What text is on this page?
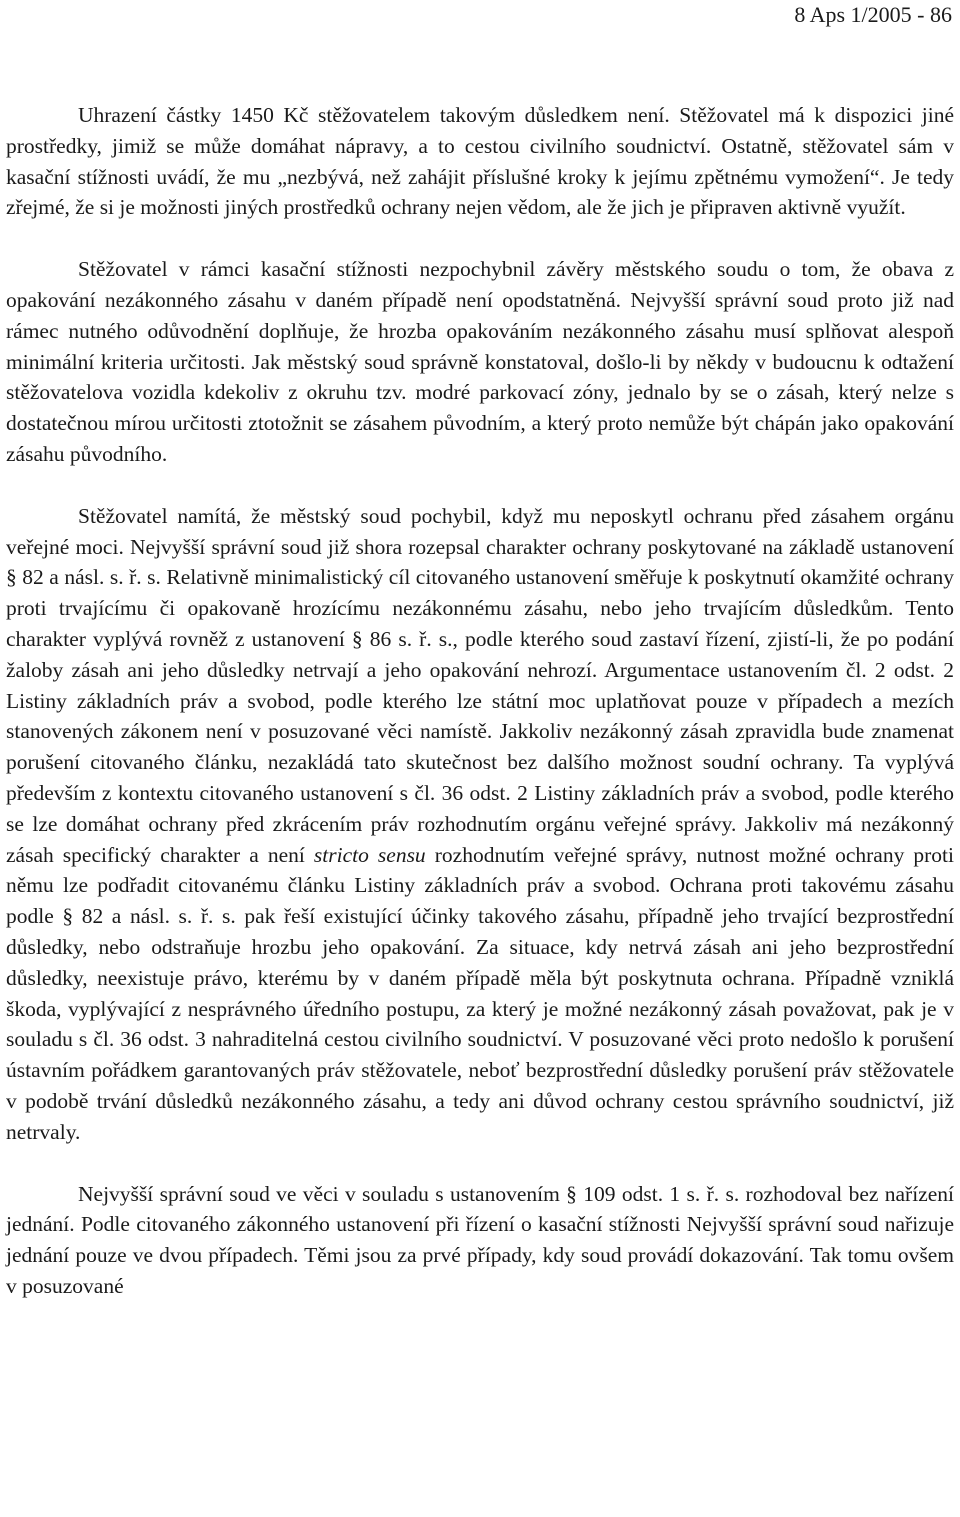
8 Aps 1/2005 - 86

Uhrazení částky 1450 Kč stěžovatelem takovým důsledkem není. Stěžovatel má k dispozici jiné prostředky, jimiž se může domáhat nápravy, a to cestou civilního soudnictví. Ostatně, stěžovatel sám v kasační stížnosti uvádí, že mu „nezbývá, než zahájit příslušné kroky k jejímu zpětnému vymožení“. Je tedy zřejmé, že si je možnosti jiných prostředků ochrany nejen vědom, ale že jich je připraven aktivně využít.

Stěžovatel v rámci kasační stížnosti nezpochybnil závěry městského soudu o tom, že obava z opakování nezákonného zásahu v daném případě není opodstatněná. Nejvyšší správní soud proto již nad rámec nutného odůvodnění doplňuje, že hrozba opakováním nezákonného zásahu musí splňovat alespoň minimální kriteria určitosti. Jak městský soud správně konstatoval, došlo-li by někdy v budoucnu k odtažení stěžovatelova vozidla kdekoliv z okruhu tzv. modré parkovací zóny, jednalo by se o zásah, který nelze s dostatečnou mírou určitosti ztotožnit se zásahem původním, a který proto nemůže být chápán jako opakování zásahu původního.

Stěžovatel namítá, že městský soud pochybil, když mu neposkytl ochranu před zásahem orgánu veřejné moci. Nejvyšší správní soud již shora rozepsal charakter ochrany poskytované na základě ustanovení § 82 a násl. s. ř. s. Relativně minimalistický cíl citovaného ustanovení směřuje k poskytnutí okamžité ochrany proti trvajícímu či opakovaně hrozícímu nezákonnému zásahu, nebo jeho trvajícím důsledkům. Tento charakter vyplývá rovněž z ustanovení § 86 s. ř. s., podle kterého soud zastaví řízení, zjistí-li, že po podání žaloby zásah ani jeho důsledky netrvají a jeho opakování nehrozí. Argumentace ustanovením čl. 2 odst. 2 Listiny základních práv a svobod, podle kterého lze státní moc uplatňovat pouze v případech a mezích stanovených zákonem není v posuzované věci namístě. Jakkoliv nezákonný zásah zpravidla bude znamenat porušení citovaného článku, nezakládá tato skutečnost bez dalšího možnost soudní ochrany. Ta vyplývá především z kontextu citovaného ustanovení s čl. 36 odst. 2 Listiny základních práv a svobod, podle kterého se lze domáhat ochrany před zkrácením práv rozhodnutím orgánu veřejné správy. Jakkoliv má nezákonný zásah specifický charakter a není stricto sensu rozhodnutím veřejné správy, nutnost možné ochrany proti němu lze podřadit citovanému článku Listiny základních práv a svobod. Ochrana proti takovému zásahu podle § 82 a násl. s. ř. s. pak řeší existující účinky takového zásahu, případně jeho trvající bezprostřední důsledky, nebo odstraňuje hrozbu jeho opakování. Za situace, kdy netrvá zásah ani jeho bezprostřední důsledky, neexistuje právo, kterému by v daném případě měla být poskytnuta ochrana. Případně vzniklá škoda, vyplývající z nesprávného úředního postupu, za který je možné nezákonný zásah považovat, pak je v souladu s čl. 36 odst. 3 nahraditelná cestou civilního soudnictví. V posuzované věci proto nedošlo k porušení ústavním pořádkem garantovaných práv stěžovatele, neboť bezprostřední důsledky porušení práv stěžovatele v podobě trvání důsledků nezákonného zásahu, a tedy ani důvod ochrany cestou správního soudnictví, již netrvaly.

Nejvyšší správní soud ve věci v souladu s ustanovením § 109 odst. 1 s. ř. s. rozhodoval bez nařízení jednání. Podle citovaného zákonného ustanovení při řízení o kasační stížnosti Nejvyšší správní soud nařizuje jednání pouze ve dvou případech. Těmi jsou za prvé případy, kdy soud provádí dokazování. Tak tomu ovšem v posuzované
